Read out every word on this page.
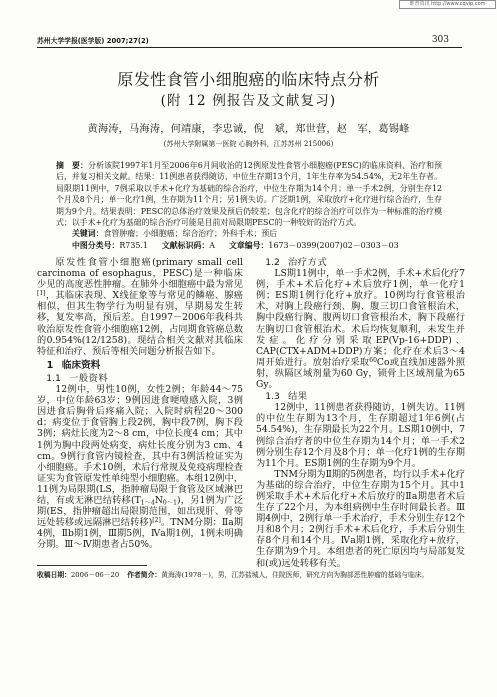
维普资讯 http://www.cqvip.com
苏州大学学报(医学版) 2007;27(2)	303
原发性食管小细胞癌的临床特点分析
(附 12 例报告及文献复习)
黄海涛，马海涛，何靖康，李忠诚，倪　斌，郑世营，赵　军，葛锡峰
(苏州大学附属第一医院 心胸外科，江苏苏州 215006)

摘　要：分析该院1997年1月至2006年6月间收治的12例原发性食管小细胞癌(PESC)的临床资料、治疗和预后，并复习相关文献。结果：11例患者获得随访，中位生存期13个月，1年生存率为54.54%，无2年生存者。局限期11例中，7例采取以手术+化疗为基础的综合治疗，中位生存期为14个月；单一手术2例，分别生存12个月及8个月；单一化疗1例，生存期为11个月；另1例失访。广泛期1例，采取放疗+化疗进行综合治疗，生存期为9个月。结果表明：PESC的总体治疗效果及预后仍较差；包含化疗的综合治疗可以作为一种标准的治疗模式；以手术+化疗为基础的综合治疗可能是目前对局限期PESC的一种较好的治疗方式。

关键词：食管肿瘤；小细胞癌；综合治疗；外科手术；预后

中图分类号：R735.1 文献标识码：A 文章编号：1673－0399(2007)02－0303－03

原发性食管小细胞癌(primary small cell carcinoma of esophagus，PESC)是一种临床少见的高度恶性肿瘤。在肺外小细胞癌中最为常见[1]，其临床表现、X线征象等与常见的鳞癌、腺癌相似，但其生物学行为明显有别，早期易发生转移，复发率高，预后差。自1997－2006年我科共收治原发性食管小细胞癌12例，占同期食管癌总数的0.954%(12/1258)。现结合相关文献对其临床特征和治疗、预后等相关问题分析报告如下。

1 临床资料
1.1 一般资料

12例中，男性10例，女性2例；年龄44～75岁，中位年龄63岁；9例因进食哽噎感入院，3例因进食后胸骨后疼痛入院；入院时病程20～300 d；病变位于食管胸上段2例，胸中段7例，胸下段3例；病灶长度为2～8 cm，中位长度4 cm；其中1例为胸中段两处病变，病灶长度分别为3 cm、4 cm。9例行食管内镜检查，其中有3例活检证实为小细胞癌。手术10例，术后行常规及免疫病理检查证实为食管原发性单纯型小细胞癌。本组12例中，11例为局限期(LS，指肿瘤局限于食管及区域淋巴结，有或无淋巴结转移$(T_{1\sim 4}N_{0\sim 1})$，另1例为广泛期(ES，指肿瘤超出局限期范围，如出现肝、骨等远处转移或远隔淋巴结转移)[2]。TNM分期：Ⅱa期4例，Ⅱb期1例，Ⅲ期5例，Ⅳa期1例，1例未明确分期。Ⅲ～Ⅳ期患者占50%。

1.2 治疗方式

LS期11例中，单一手术2例，手术+术后化疗7例，手术+术后化疗+术后放疗1例，单一化疗1例；ES期1例行化疗+放疗。10例均行食管根治术，对胸上段癌行颈、胸、腹三切口食管根治术，胸中段癌行胸、腹两切口食管根治术，胸下段癌行左胸切口食管根治术。术后均恢复顺利，未发生并发症。化疗分别采取EP(Vp-16+DDP)、CAP(CTX+ADM+DDP)方案；化疗在术后3～4周开始进行。放射治疗采取$^{60}$Co或直线加速器外照射，纵隔区域剂量为60 Gy，锁骨上区域剂量为65 Gy。

1.3 结果

12例中，11例患者获得随访，1例失访。11例的中位生存期为13个月，生存期超过1年6例(占54.54%)，生存期最长为22个月。LS期10例中，7例综合治疗者的中位生存期为14个月；单一手术2例分别生存12个月及8个月；单一化疗1例的生存期为11个月。ES期1例的生存期为9个月。

TNM分期为Ⅱ期的5例患者，均行以手术+化疗为基础的综合治疗，中位生存期为15个月。其中1例采取手术+术后化疗+术后放疗的Ⅱa期患者术后生存了22个月，为本组病例中生存时间最长者。Ⅲ期4例中，2例行单一手术治疗，手术分别生存12个月和8个月；2例行手术+术后化疗，手术后分别生存8个月和14个月。Ⅳa期1例，采取化疗+放疗，生存期为9个月。本组患者的死亡原因均与局部复发和(或)远处转移有关。

收稿日期：2006－06－20 作者简介：黄海涛(1978－)，男，江苏盐城人，住院医师，研究方向为胸部恶性肿瘤的基础与临床。
